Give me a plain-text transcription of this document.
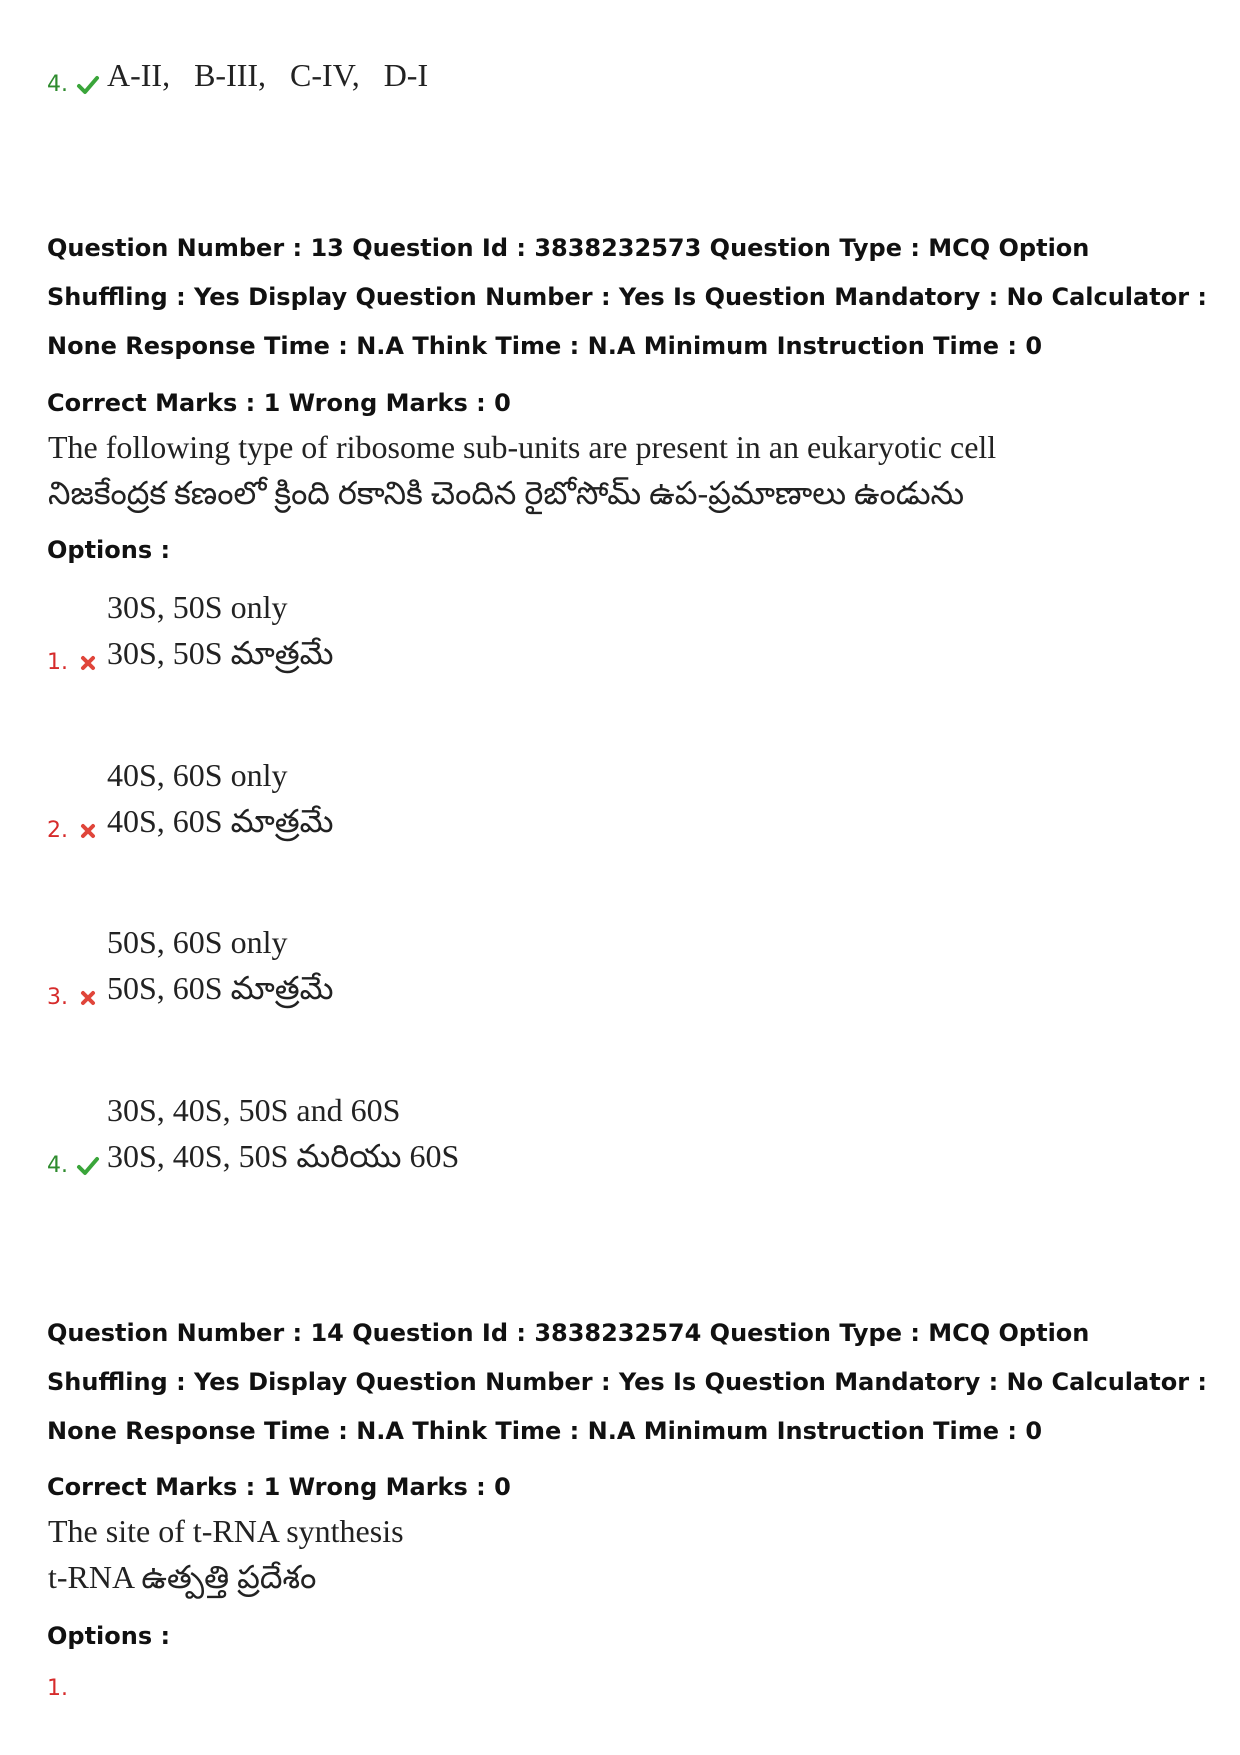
4. A-II, B-III, C-IV, D-I
Question Number : 13 Question Id : 3838232573 Question Type : MCQ Option Shuffling : Yes Display Question Number : Yes Is Question Mandatory : No Calculator : None Response Time : N.A Think Time : N.A Minimum Instruction Time : 0
Correct Marks : 1 Wrong Marks : 0
The following type of ribosome sub-units are present in an eukaryotic cell
నిజకేంద్రక కణంలో క్రింది రకానికి చెందిన రైబోసోమ్ ఉప-ప్రమాణాలు ఉండును
Options :
1.
30S, 50S only
30S, 50S మాత్రమే
2.
40S, 60S only
40S, 60S మాత్రమే
3.
50S, 60S only
50S, 60S మాత్రమే
4.
30S, 40S, 50S and 60S
30S, 40S, 50S మరియు 60S
Question Number : 14 Question Id : 3838232574 Question Type : MCQ Option Shuffling : Yes Display Question Number : Yes Is Question Mandatory : No Calculator : None Response Time : N.A Think Time : N.A Minimum Instruction Time : 0
Correct Marks : 1 Wrong Marks : 0
The site of t-RNA synthesis
t-RNA ఉత్పత్తి ప్రదేశం
Options :
1.
